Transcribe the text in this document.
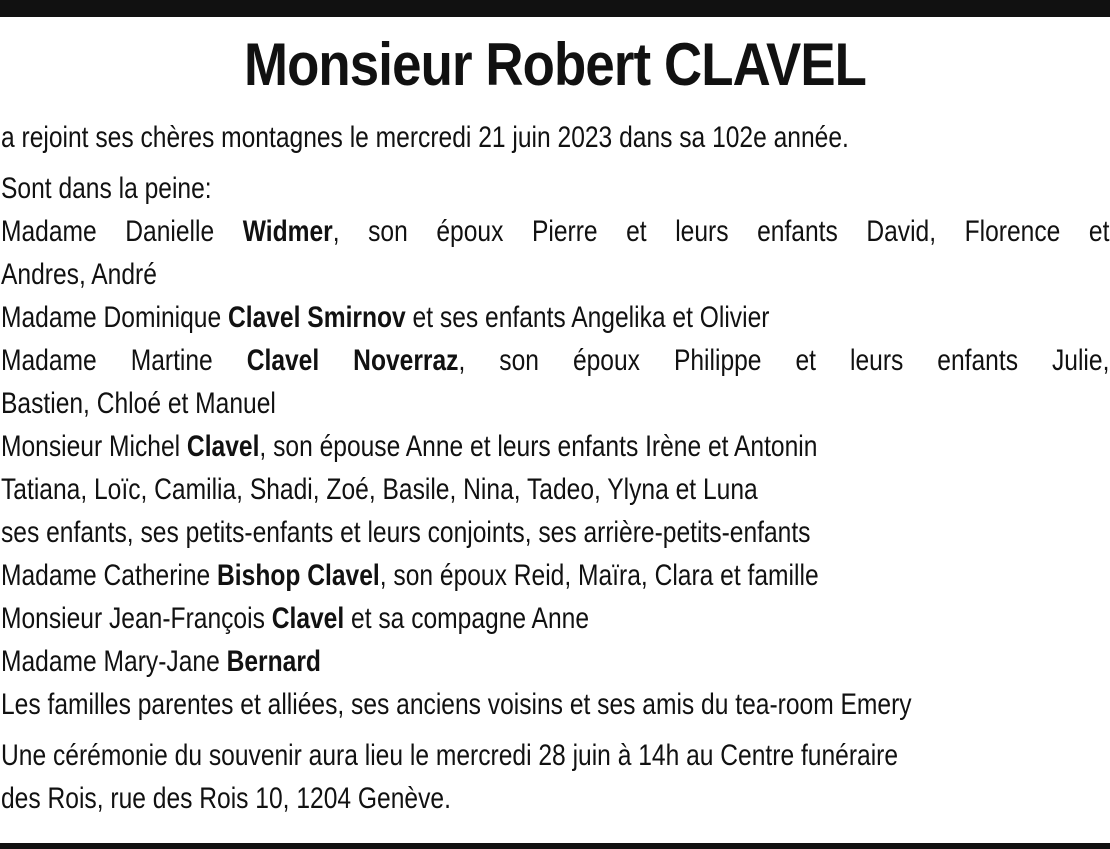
Monsieur Robert CLAVEL
a rejoint ses chères montagnes le mercredi 21 juin 2023 dans sa 102e année.
Sont dans la peine:
Madame Danielle Widmer, son époux Pierre et leurs enfants David, Florence et
Andres, André
Madame Dominique Clavel Smirnov et ses enfants Angelika et Olivier
Madame Martine Clavel Noverraz, son époux Philippe et leurs enfants Julie,
Bastien, Chloé et Manuel
Monsieur Michel Clavel, son épouse Anne et leurs enfants Irène et Antonin
Tatiana, Loïc, Camilia, Shadi, Zoé, Basile, Nina, Tadeo, Ylyna et Luna
ses enfants, ses petits-enfants et leurs conjoints, ses arrière-petits-enfants
Madame Catherine Bishop Clavel, son époux Reid, Maïra, Clara et famille
Monsieur Jean-François Clavel et sa compagne Anne
Madame Mary-Jane Bernard
Les familles parentes et alliées, ses anciens voisins et ses amis du tea-room Emery
Une cérémonie du souvenir aura lieu le mercredi 28 juin à 14h au Centre funéraire
des Rois, rue des Rois 10, 1204 Genève.
